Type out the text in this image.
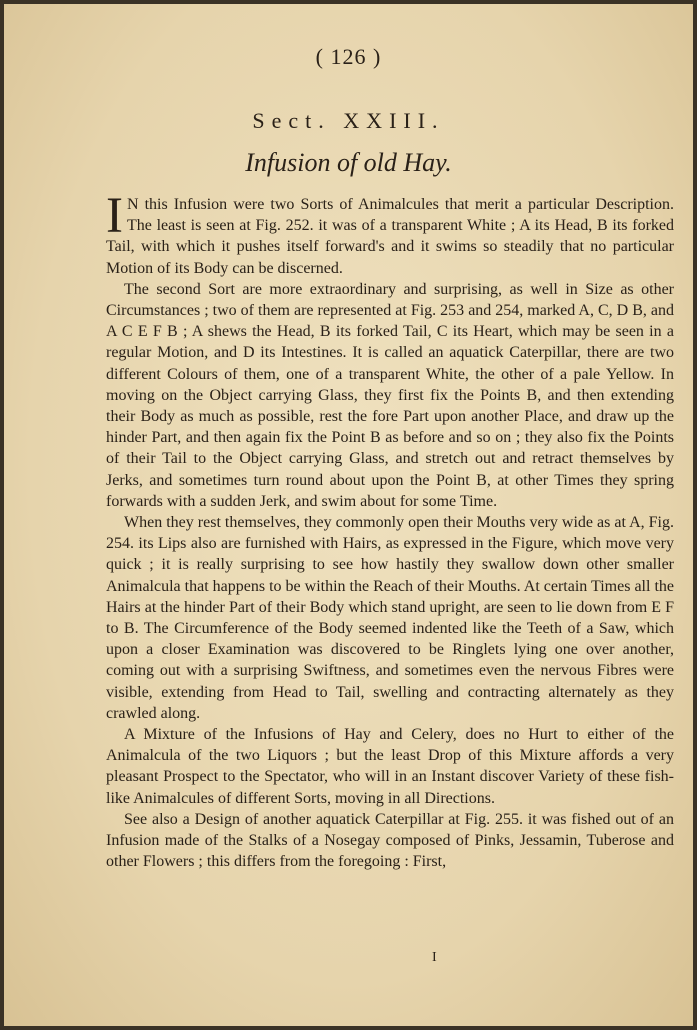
( 126 )
Sect. XXIII.
Infusion of old Hay.

I N this Infusion were two Sorts of Animalcules that merit a particular Description. The least is seen at Fig. 252. it was of a transparent White ; A its Head, B its forked Tail, with which it pushes itself forward's and it swims so steadily that no particular Motion of its Body can be discerned.

The second Sort are more extraordinary and surprising, as well in Size as other Circumstances ; two of them are represented at Fig. 253 and 254, marked A, C, D B, and A C E F B ; A shews the Head, B its forked Tail, C its Heart, which may be seen in a regular Motion, and D its Intestines. It is called an aquatick Caterpillar, there are two different Colours of them, one of a transparent White, the other of a pale Yellow. In moving on the Object carrying Glass, they first fix the Points B, and then extending their Body as much as possible, rest the fore Part upon another Place, and draw up the hinder Part, and then again fix the Point B as before and so on ; they also fix the Points of their Tail to the Object carrying Glass, and stretch out and retract themselves by Jerks, and sometimes turn round about upon the Point B, at other Times they spring forwards with a sudden Jerk, and swim about for some Time.

When they rest themselves, they commonly open their Mouths very wide as at A, Fig. 254. its Lips also are furnished with Hairs, as expressed in the Figure, which move very quick ; it is really surprising to see how hastily they swallow down other smaller Animalcula that happens to be within the Reach of their Mouths. At certain Times all the Hairs at the hinder Part of their Body which stand upright, are seen to lie down from E F to B. The Circumference of the Body seemed indented like the Teeth of a Saw, which upon a closer Examination was discovered to be Ringlets lying one over another, coming out with a surprising Swiftness, and sometimes even the nervous Fibres were visible, extending from Head to Tail, swelling and contracting alternately as they crawled along.

A Mixture of the Infusions of Hay and Celery, does no Hurt to either of the Animalcula of the two Liquors ; but the least Drop of this Mixture affords a very pleasant Prospect to the Spectator, who will in an Instant discover Variety of these fish-like Animalcules of different Sorts, moving in all Directions.

See also a Design of another aquatick Caterpillar at Fig. 255. it was fished out of an Infusion made of the Stalks of a Nosegay composed of Pinks, Jessamin, Tuberose and other Flowers ; this differs from the foregoing : First,

I
